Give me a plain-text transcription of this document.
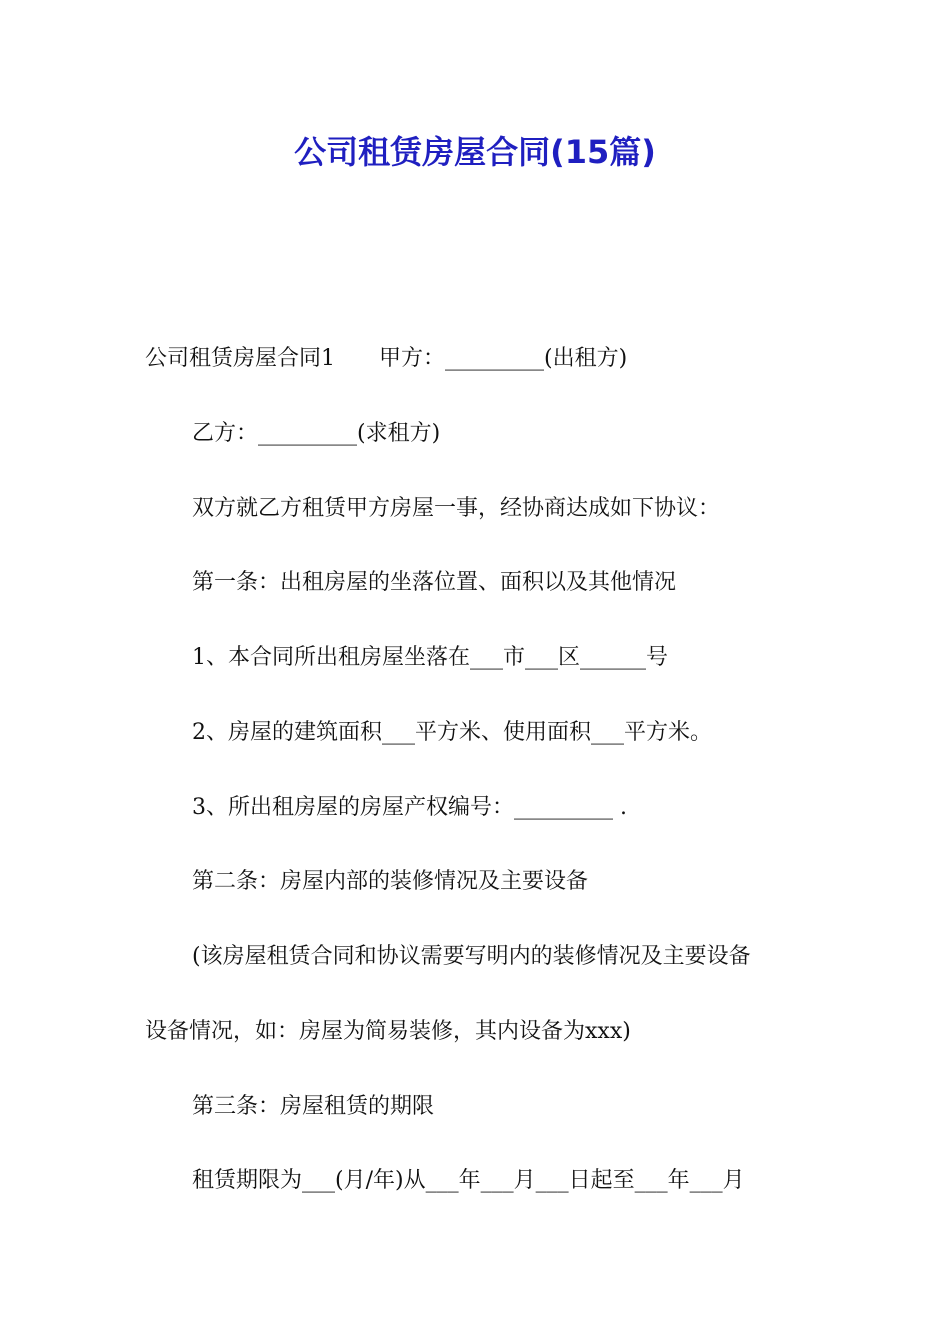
公司租赁房屋合同(15篇)

公司租赁房屋合同1　　甲方：_________(出租方)

乙方：_________(求租方)

双方就乙方租赁甲方房屋一事，经协商达成如下协议：

第一条：出租房屋的坐落位置、面积以及其他情况

1、本合同所出租房屋坐落在___市___区______号

2、房屋的建筑面积___平方米、使用面积___平方米。

3、所出租房屋的房屋产权编号：_________ .

第二条：房屋内部的装修情况及主要设备

(该房屋租赁合同和协议需要写明内的装修情况及主要设备

设备情况，如：房屋为简易装修，其内设备为xxx)

第三条：房屋租赁的期限

租赁期限为___(月/年)从___年___月___日起至___年___月
